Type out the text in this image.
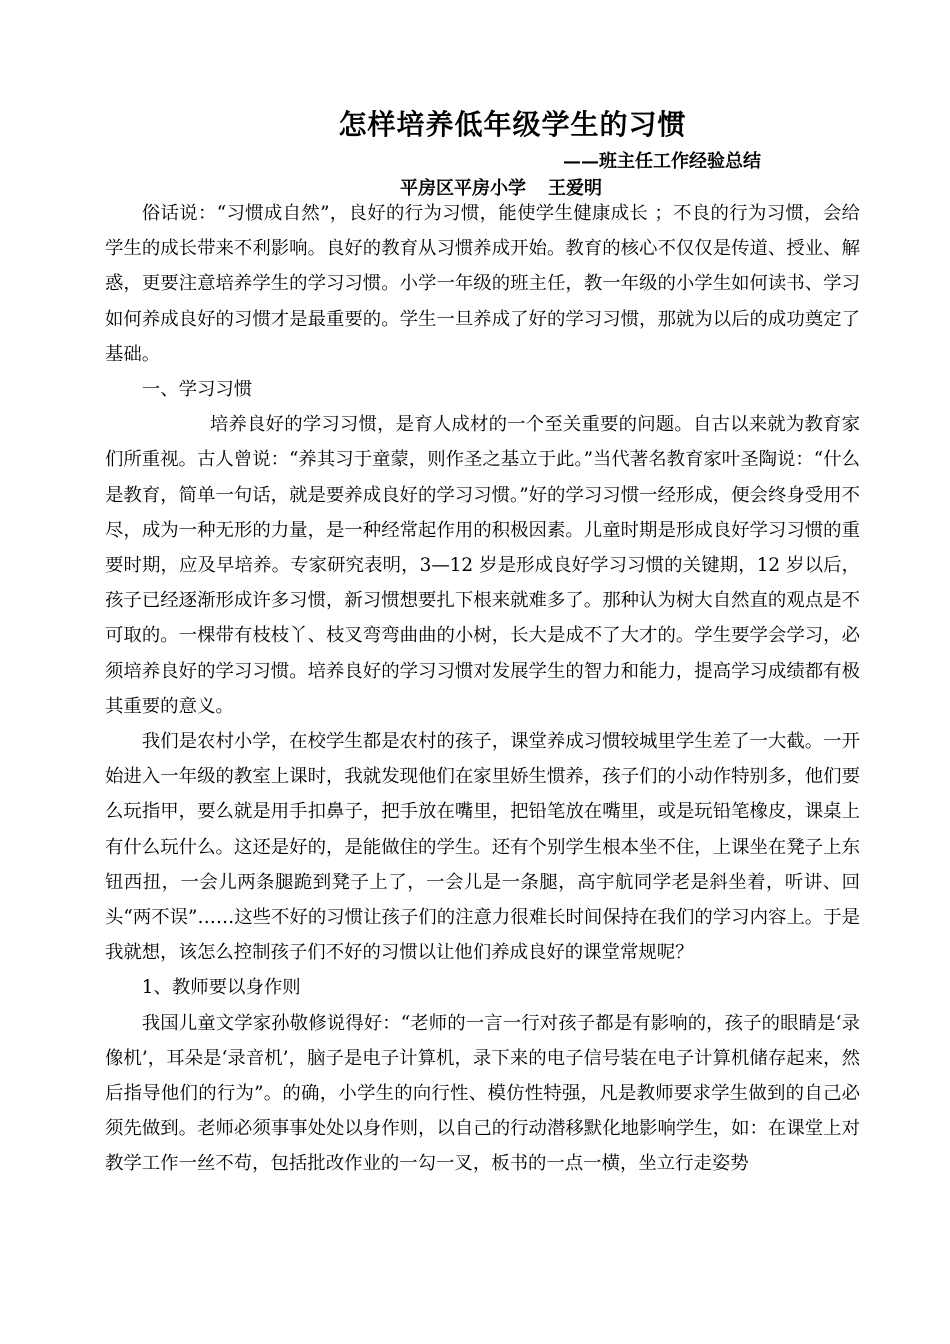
怎样培养低年级学生的习惯
——班主任工作经验总结
平房区平房小学 王爱明

俗话说：“习惯成自然”，良好的行为习惯，能使学生健康成长 ；不良的行为习惯，会给学生的成长带来不利影响。良好的教育从习惯养成开始。教育的核心不仅仅是传道、授业、解惑，更要注意培养学生的学习习惯。小学一年级的班主任，教一年级的小学生如何读书、学习如何养成良好的习惯才是最重要的。学生一旦养成了好的学习习惯，那就为以后的成功奠定了基础。

一、学习习惯

培养良好的学习习惯，是育人成材的一个至关重要的问题。自古以来就为教育家们所重视。古人曾说：“养其习于童蒙，则作圣之基立于此。”当代著名教育家叶圣陶说：“什么是教育，简单一句话，就是要养成良好的学习习惯。”好的学习习惯一经形成，便会终身受用不尽，成为一种无形的力量，是一种经常起作用的积极因素。儿童时期是形成良好学习习惯的重要时期，应及早培养。专家研究表明，3—12 岁是形成良好学习习惯的关键期，12 岁以后，孩子已经逐渐形成许多习惯，新习惯想要扎下根来就难多了。那种认为树大自然直的观点是不可取的。一棵带有枝枝丫、枝叉弯弯曲曲的小树，长大是成不了大才的。学生要学会学习，必须培养良好的学习习惯。培养良好的学习习惯对发展学生的智力和能力，提高学习成绩都有极其重要的意义。

我们是农村小学，在校学生都是农村的孩子，课堂养成习惯较城里学生差了一大截。一开始进入一年级的教室上课时，我就发现他们在家里娇生惯养，孩子们的小动作特别多，他们要么玩指甲，要么就是用手扣鼻子，把手放在嘴里，把铅笔放在嘴里，或是玩铅笔橡皮，课桌上有什么玩什么。这还是好的，是能做住的学生。还有个别学生根本坐不住，上课坐在凳子上东钮西扭，一会儿两条腿跪到凳子上了，一会儿是一条腿，高宇航同学老是斜坐着，听讲、回头“两不误”……这些不好的习惯让孩子们的注意力很难长时间保持在我们的学习内容上。于是我就想，该怎么控制孩子们不好的习惯以让他们养成良好的课堂常规呢？

1、教师要以身作则

我国儿童文学家孙敬修说得好：“老师的一言一行对孩子都是有影响的，孩子的眼睛是‘录像机’，耳朵是‘录音机’，脑子是电子计算机，录下来的电子信号装在电子计算机储存起来，然后指导他们的行为”。的确，小学生的向行性、模仿性特强，凡是教师要求学生做到的自己必须先做到。老师必须事事处处以身作则，以自己的行动潜移默化地影响学生，如：在课堂上对教学工作一丝不苟，包括批改作业的一勾一叉，板书的一点一横，坐立行走姿势
